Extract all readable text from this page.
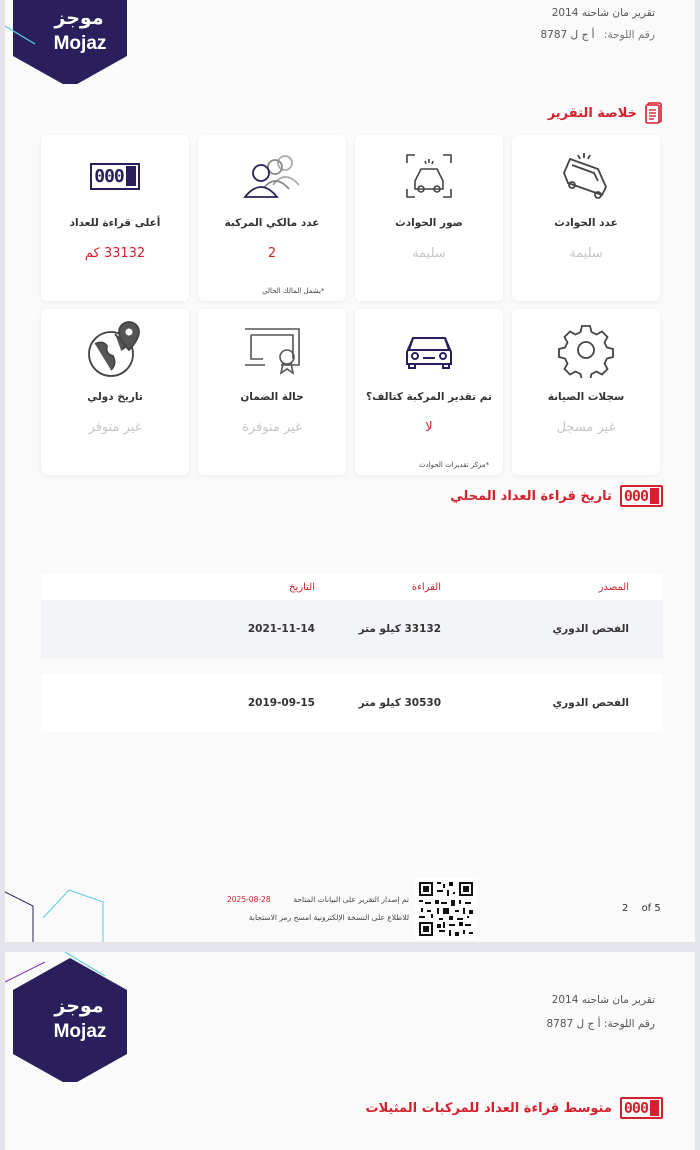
موجز
Mojaz
تقرير مان شاحنه 2014
رقم اللوحة: أ ج ل 8787
خلاصة التقرير
عدد الحوادث
سليمة
صور الحوادث
سليمة
عدد مالكي المركبة
2
*يشمل المالك الحالي
000
أعلى قراءة للعداد
33132 كم
سجلات الصيانة
غير مسجل
تم تقدير المركبة كتالف؟
لا
*مركز تقديرات الحوادث
حالة الضمان
غير متوفرة
تاريخ دولي
غير متوفر
000
تاريخ قراءة العداد المحلي
المصدر
القراءة
التاريخ
الفحص الدوري
33132 كيلو متر
2021-11-14
الفحص الدوري
30530 كيلو متر
2019-09-15
تم إصدار التقرير على البيانات المتاحة
2025-08-28
للاطلاع على النسخة الإلكترونية امسح رمز الاستجابة
2 of 5
موجز
Mojaz
تقرير مان شاحنه 2014
رقم اللوحة: أ ج ل 8787
000
متوسط قراءة العداد للمركبات المثيلات
